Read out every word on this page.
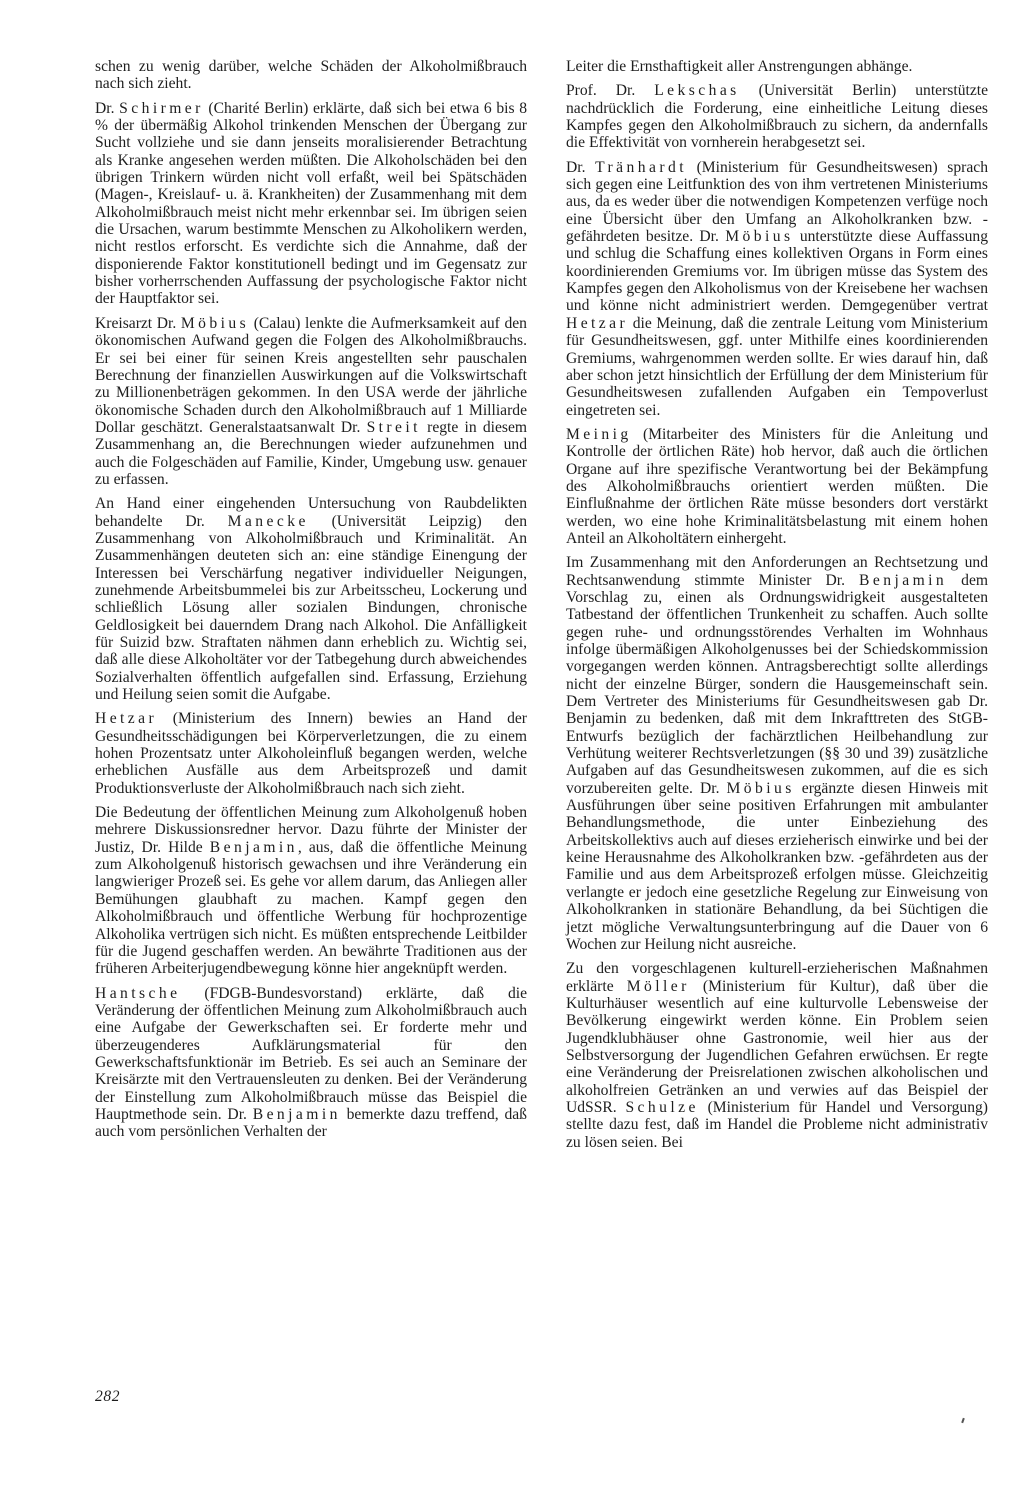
schen zu wenig darüber, welche Schäden der Alkoholmißbrauch nach sich zieht.

Dr. Schirmer (Charité Berlin) erklärte, daß sich bei etwa 6 bis 8 % der übermäßig Alkohol trinkenden Menschen der Übergang zur Sucht vollziehe und sie dann jenseits moralisierender Betrachtung als Kranke angesehen werden müßten. Die Alkoholschäden bei den übrigen Trinkern würden nicht voll erfaßt, weil bei Spätschäden (Magen-, Kreislauf- u. ä. Krankheiten) der Zusammenhang mit dem Alkoholmißbrauch meist nicht mehr erkennbar sei. Im übrigen seien die Ursachen, warum bestimmte Menschen zu Alkoholikern werden, nicht restlos erforscht. Es verdichte sich die Annahme, daß der disponierende Faktor konstitutionell bedingt und im Gegensatz zur bisher vorherrschenden Auffassung der psychologische Faktor nicht der Hauptfaktor sei.

Kreisarzt Dr. Möbius (Calau) lenkte die Aufmerksamkeit auf den ökonomischen Aufwand gegen die Folgen des Alkoholmißbrauchs. Er sei bei einer für seinen Kreis angestellten sehr pauschalen Berechnung der finanziellen Auswirkungen auf die Volkswirtschaft zu Millionenbeträgen gekommen. In den USA werde der jährliche ökonomische Schaden durch den Alkoholmißbrauch auf 1 Milliarde Dollar geschätzt. Generalstaatsanwalt Dr. Streit regte in diesem Zusammenhang an, die Berechnungen wieder aufzunehmen und auch die Folgeschäden auf Familie, Kinder, Umgebung usw. genauer zu erfassen.

An Hand einer eingehenden Untersuchung von Raubdelikten behandelte Dr. Manecke (Universität Leipzig) den Zusammenhang von Alkoholmißbrauch und Kriminalität. An Zusammenhängen deuteten sich an: eine ständige Einengung der Interessen bei Verschärfung negativer individueller Neigungen, zunehmende Arbeitsbummelei bis zur Arbeitsscheu, Lockerung und schließlich Lösung aller sozialen Bindungen, chronische Geldlosigkeit bei dauerndem Drang nach Alkohol. Die Anfälligkeit für Suizid bzw. Straftaten nähmen dann erheblich zu. Wichtig sei, daß alle diese Alkoholtäter vor der Tatbegehung durch abweichendes Sozialverhalten öffentlich aufgefallen sind. Erfassung, Erziehung und Heilung seien somit die Aufgabe.

Hetzar (Ministerium des Innern) bewies an Hand der Gesundheitsschädigungen bei Körperverletzungen, die zu einem hohen Prozentsatz unter Alkoholeinfluß begangen werden, welche erheblichen Ausfälle aus dem Arbeitsprozeß und damit Produktionsverluste der Alkoholmißbrauch nach sich zieht.

Die Bedeutung der öffentlichen Meinung zum Alkoholgenuß hoben mehrere Diskussionsredner hervor. Dazu führte der Minister der Justiz, Dr. Hilde Benjamin, aus, daß die öffentliche Meinung zum Alkoholgenuß historisch gewachsen und ihre Veränderung ein langwieriger Prozeß sei. Es gehe vor allem darum, das Anliegen aller Bemühungen glaubhaft zu machen. Kampf gegen den Alkoholmißbrauch und öffentliche Werbung für hochprozentige Alkoholika vertrügen sich nicht. Es müßten entsprechende Leitbilder für die Jugend geschaffen werden. An bewährte Traditionen aus der früheren Arbeiterjugendbewegung könne hier angeknüpft werden.

Hantsche (FDGB-Bundesvorstand) erklärte, daß die Veränderung der öffentlichen Meinung zum Alkoholmißbrauch auch eine Aufgabe der Gewerkschaften sei. Er forderte mehr und überzeugenderes Aufklärungsmaterial für den Gewerkschaftsfunktionär im Betrieb. Es sei auch an Seminare der Kreisärzte mit den Vertrauensleuten zu denken. Bei der Veränderung der Einstellung zum Alkoholmißbrauch müsse das Beispiel die Hauptmethode sein. Dr. Benjamin bemerkte dazu treffend, daß auch vom persönlichen Verhalten der

Leiter die Ernsthaftigkeit aller Anstrengungen abhänge.

Prof. Dr. Lekschas (Universität Berlin) unterstützte nachdrücklich die Forderung, eine einheitliche Leitung dieses Kampfes gegen den Alkoholmißbrauch zu sichern, da andernfalls die Effektivität von vornherein herabgesetzt sei.

Dr. Tränhardt (Ministerium für Gesundheitswesen) sprach sich gegen eine Leitfunktion des von ihm vertretenen Ministeriums aus, da es weder über die notwendigen Kompetenzen verfüge noch eine Übersicht über den Umfang an Alkoholkranken bzw. -gefährdeten besitze. Dr. Möbius unterstützte diese Auffassung und schlug die Schaffung eines kollektiven Organs in Form eines koordinierenden Gremiums vor. Im übrigen müsse das System des Kampfes gegen den Alkoholismus von der Kreisebene her wachsen und könne nicht administriert werden. Demgegenüber vertrat Hetzar die Meinung, daß die zentrale Leitung vom Ministerium für Gesundheitswesen, ggf. unter Mithilfe eines koordinierenden Gremiums, wahrgenommen werden sollte. Er wies darauf hin, daß aber schon jetzt hinsichtlich der Erfüllung der dem Ministerium für Gesundheitswesen zufallenden Aufgaben ein Tempoverlust eingetreten sei.

Meinig (Mitarbeiter des Ministers für die Anleitung und Kontrolle der örtlichen Räte) hob hervor, daß auch die örtlichen Organe auf ihre spezifische Verantwortung bei der Bekämpfung des Alkoholmißbrauchs orientiert werden müßten. Die Einflußnahme der örtlichen Räte müsse besonders dort verstärkt werden, wo eine hohe Kriminalitätsbelastung mit einem hohen Anteil an Alkoholtätern einhergeht.

Im Zusammenhang mit den Anforderungen an Rechtsetzung und Rechtsanwendung stimmte Minister Dr. Benjamin dem Vorschlag zu, einen als Ordnungswidrigkeit ausgestalteten Tatbestand der öffentlichen Trunkenheit zu schaffen. Auch sollte gegen ruhe- und ordnungsstörendes Verhalten im Wohnhaus infolge übermäßigen Alkoholgenusses bei der Schiedskommission vorgegangen werden können. Antragsberechtigt sollte allerdings nicht der einzelne Bürger, sondern die Hausgemeinschaft sein. Dem Vertreter des Ministeriums für Gesundheitswesen gab Dr. Benjamin zu bedenken, daß mit dem Inkrafttreten des StGB-Entwurfs bezüglich der fachärztlichen Heilbehandlung zur Verhütung weiterer Rechtsverletzungen (§§ 30 und 39) zusätzliche Aufgaben auf das Gesundheitswesen zukommen, auf die es sich vorzubereiten gelte. Dr. Möbius ergänzte diesen Hinweis mit Ausführungen über seine positiven Erfahrungen mit ambulanter Behandlungsmethode, die unter Einbeziehung des Arbeitskollektivs auch auf dieses erzieherisch einwirke und bei der keine Herausnahme des Alkoholkranken bzw. -gefährdeten aus der Familie und aus dem Arbeitsprozeß erfolgen müsse. Gleichzeitig verlangte er jedoch eine gesetzliche Regelung zur Einweisung von Alkoholkranken in stationäre Behandlung, da bei Süchtigen die jetzt mögliche Verwaltungsunterbringung auf die Dauer von 6 Wochen zur Heilung nicht ausreiche.

Zu den vorgeschlagenen kulturell-erzieherischen Maßnahmen erklärte Möller (Ministerium für Kultur), daß über die Kulturhäuser wesentlich auf eine kulturvolle Lebensweise der Bevölkerung eingewirkt werden könne. Ein Problem seien Jugendklubhäuser ohne Gastronomie, weil hier aus der Selbstversorgung der Jugendlichen Gefahren erwüchsen. Er regte eine Veränderung der Preisrelationen zwischen alkoholischen und alkoholfreien Getränken an und verwies auf das Beispiel der UdSSR. Schulze (Ministerium für Handel und Versorgung) stellte dazu fest, daß im Handel die Probleme nicht administrativ zu lösen seien. Bei

282
